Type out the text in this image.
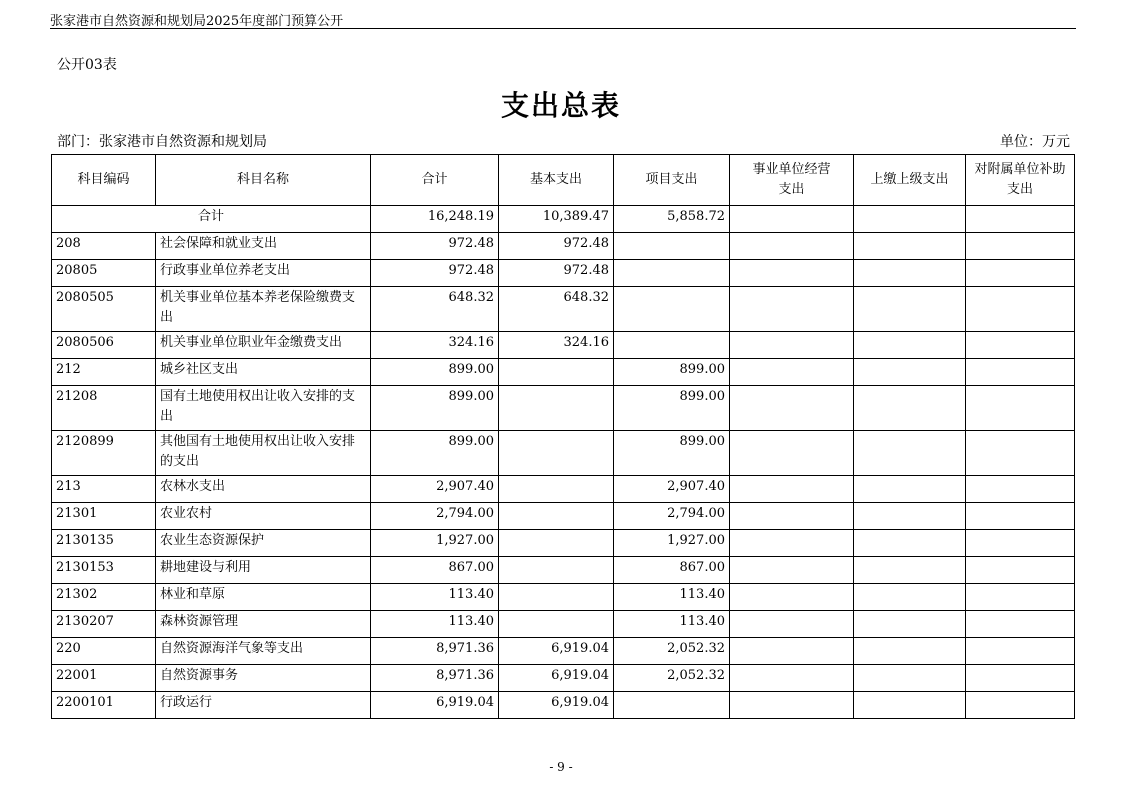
张家港市自然资源和规划局2025年度部门预算公开
公开03表
支出总表
部门：张家港市自然资源和规划局	单位：万元
科目编码	科目名称	合计	基本支出	项目支出	事业单位经营支出	上缴上级支出	对附属单位补助支出
合计		16,248.19	10,389.47	5,858.72			
208	社会保障和就业支出	972.48	972.48				
20805	行政事业单位养老支出	972.48	972.48				
2080505	机关事业单位基本养老保险缴费支出	648.32	648.32				
2080506	机关事业单位职业年金缴费支出	324.16	324.16				
212	城乡社区支出	899.00		899.00			
21208	国有土地使用权出让收入安排的支出	899.00		899.00			
2120899	其他国有土地使用权出让收入安排的支出	899.00		899.00			
213	农林水支出	2,907.40		2,907.40			
21301	农业农村	2,794.00		2,794.00			
2130135	农业生态资源保护	1,927.00		1,927.00			
2130153	耕地建设与利用	867.00		867.00			
21302	林业和草原	113.40		113.40			
2130207	森林资源管理	113.40		113.40			
220	自然资源海洋气象等支出	8,971.36	6,919.04	2,052.32			
22001	自然资源事务	8,971.36	6,919.04	2,052.32			
2200101	行政运行	6,919.04	6,919.04				
- 9 -
